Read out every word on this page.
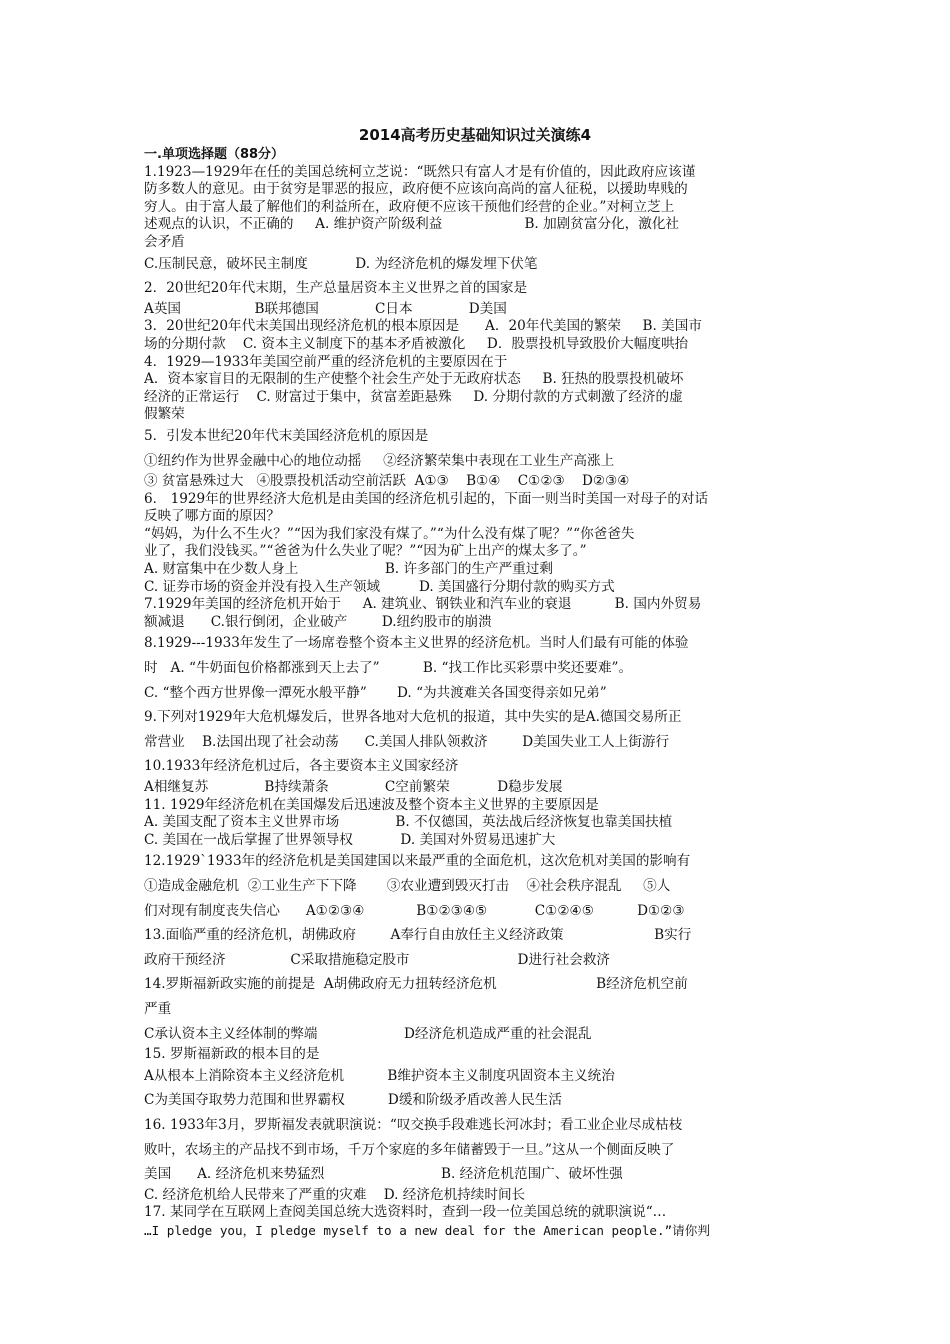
2014高考历史基础知识过关演练4
一.单项选择题（88分）
1.1923—1929年在任的美国总统柯立芝说：“既然只有富人才是有价值的，因此政府应该谨
防多数人的意见。由于贫穷是罪恶的报应，政府便不应该向高尚的富人征税，以援助卑贱的
穷人。由于富人最了解他们的利益所在，政府便不应该干预他们经营的企业。”对柯立芝上
述观点的认识，不正确的     A. 维护资产阶级利益                   B. 加剧贫富分化，激化社
会矛盾
C.压制民意，破坏民主制度           D. 为经济危机的爆发埋下伏笔
2．20世纪20年代末期，生产总量居资本主义世界之首的国家是
A英国                 B联邦德国             C日本             D美国
3．20世纪20年代末美国出现经济危机的根本原因是      A．20年代美国的繁荣     B. 美国市
场的分期付款    C. 资本主义制度下的基本矛盾被激化     D．股票投机导致股价大幅度哄抬
4．1929—1933年美国空前严重的经济危机的主要原因在于
A．资本家盲目的无限制的生产使整个社会生产处于无政府状态     B. 狂热的股票投机破坏
经济的正常运行    C. 财富过于集中，贫富差距悬殊     D. 分期付款的方式刺激了经济的虚
假繁荣
5．引发本世纪20年代末美国经济危机的原因是
①纽约作为世界金融中心的地位动摇     ②经济繁荣集中表现在工业生产高涨上
③ 贫富悬殊过大   ④股票投机活动空前活跃  A①③    B①④    C①②③    D②③④
6． 1929年的世界经济大危机是由美国的经济危机引起的，下面一则当时美国一对母子的对话
反映了哪方面的原因？
“妈妈，为什么不生火？”“因为我们家没有煤了。”“为什么没有煤了呢？”“你爸爸失
业了，我们没钱买。”“爸爸为什么失业了呢？”“因为矿上出产的煤太多了。”
A. 财富集中在少数人身上                    B. 许多部门的生产严重过剩
C. 证券市场的资金并没有投入生产领域         D. 美国盛行分期付款的购买方式
7.1929年美国的经济危机开始于     A. 建筑业、钢铁业和汽车业的衰退          B. 国内外贸易
额减退      C.银行倒闭，企业破产        D.纽约股市的崩溃
8.1929---1933年发生了一场席卷整个资本主义世界的经济危机。当时人们最有可能的体验
时   A. “牛奶面包价格都涨到天上去了”          B. “找工作比买彩票中奖还要难”。
C. “整个西方世界像一潭死水般平静”       D. “为共渡难关各国变得亲如兄弟”
9.下列对1929年大危机爆发后，世界各地对大危机的报道，其中失实的是A.德国交易所正
常营业    B.法国出现了社会动荡      C.美国人排队领救济        D美国失业工人上街游行
10.1933年经济危机过后，各主要资本主义国家经济
A相继复苏             B持续萧条             C空前繁荣           D稳步发展
11. 1929年经济危机在美国爆发后迅速波及整个资本主义世界的主要原因是
A. 美国支配了资本主义世界市场             B. 不仅德国，英法战后经济恢复也靠美国扶植
C. 美国在一战后掌握了世界领导权           D. 美国对外贸易迅速扩大
12.1929`1933年的经济危机是美国建国以来最严重的全面危机，这次危机对美国的影响有
①造成金融危机  ②工业生产下下降       ③农业遭到毁灭打击    ④社会秩序混乱     ⑤人
们对现有制度丧失信心      A①②③④            B①②③④⑤           C①②④⑤          D①②③
13.面临严重的经济危机，胡佛政府        A奉行自由放任主义经济政策                     B实行
政府干预经济               C采取措施稳定股市                         D进行社会救济
14.罗斯福新政实施的前提是  A胡佛政府无力扭转经济危机                       B经济危机空前
严重
C承认资本主义经体制的弊端                    D经济危机造成严重的社会混乱
15. 罗斯福新政的根本目的是
A从根本上消除资本主义经济危机          B维护资本主义制度巩固资本主义统治
C为美国夺取势力范围和世界霸权          D缓和阶级矛盾改善人民生活
16. 1933年3月，罗斯福发表就职演说：“叹交换手段难逃长河冰封；看工业企业尽成枯枝
败叶，农场主的产品找不到市场，千万个家庭的多年储蓄毁于一旦。”这从一个侧面反映了
美国      A. 经济危机来势猛烈                           B. 经济危机范围广、破坏性强
C. 经济危机给人民带来了严重的灾难    D. 经济危机持续时间长
17. 某同学在互联网上查阅美国总统大选资料时，查到一段一位美国总统的就职演说“…
…I pledge you，I pledge myself to a new deal for the American people.”请你判
